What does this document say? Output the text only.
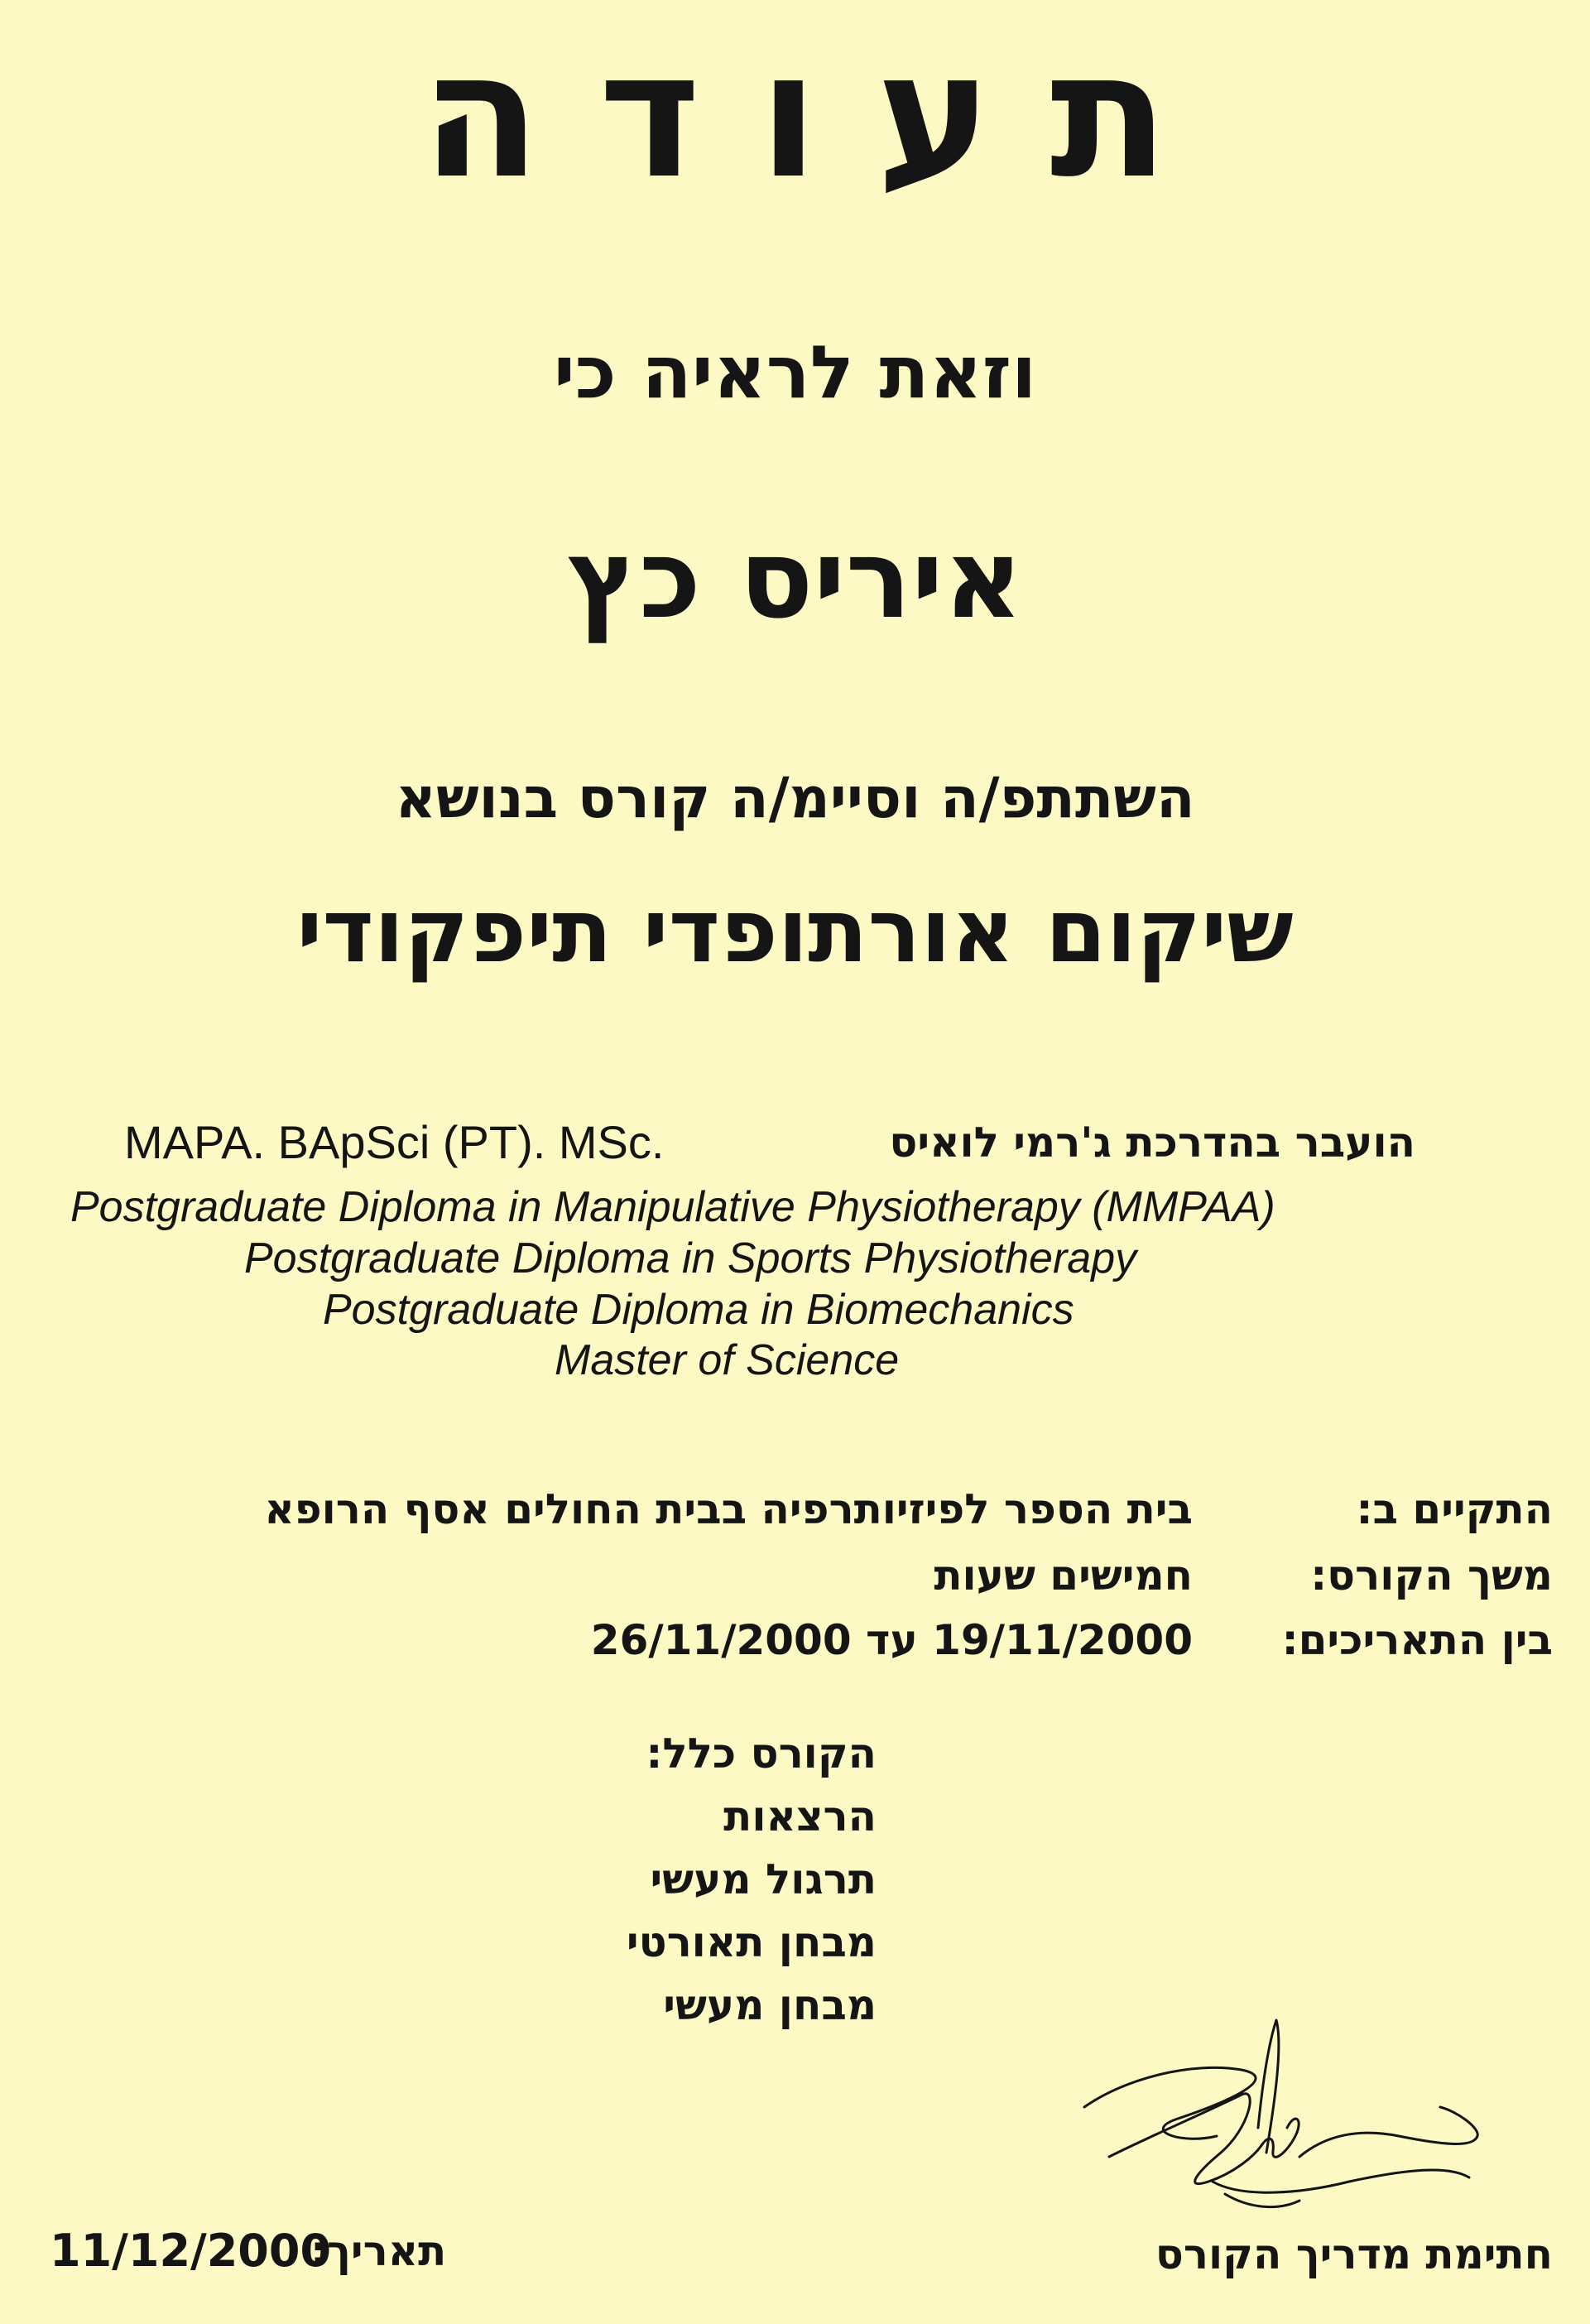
תעודה
וזאת לראיה כי
איריס כץ
השתתפ/ה וסיימ/ה קורס בנושא
שיקום אורתופדי תיפקודי
MAPA. BApSci (PT). MSc.	הועבר בהדרכת ג'רמי לואיס
Postgraduate Diploma in Manipulative Physiotherapy (MMPAA)
Postgraduate Diploma in Sports Physiotherapy
Postgraduate Diploma in Biomechanics
Master of Science
התקיים ב:
בית הספר לפיזיותרפיה בבית החולים אסף הרופא
משך הקורס:
חמישים שעות
בין התאריכים:
19/11/2000 עד 26/11/2000
הקורס כלל:
הרצאות
תרגול מעשי
מבחן תאורטי
מבחן מעשי
חתימת מדריך הקורס
תאריך:
11/12/2000
